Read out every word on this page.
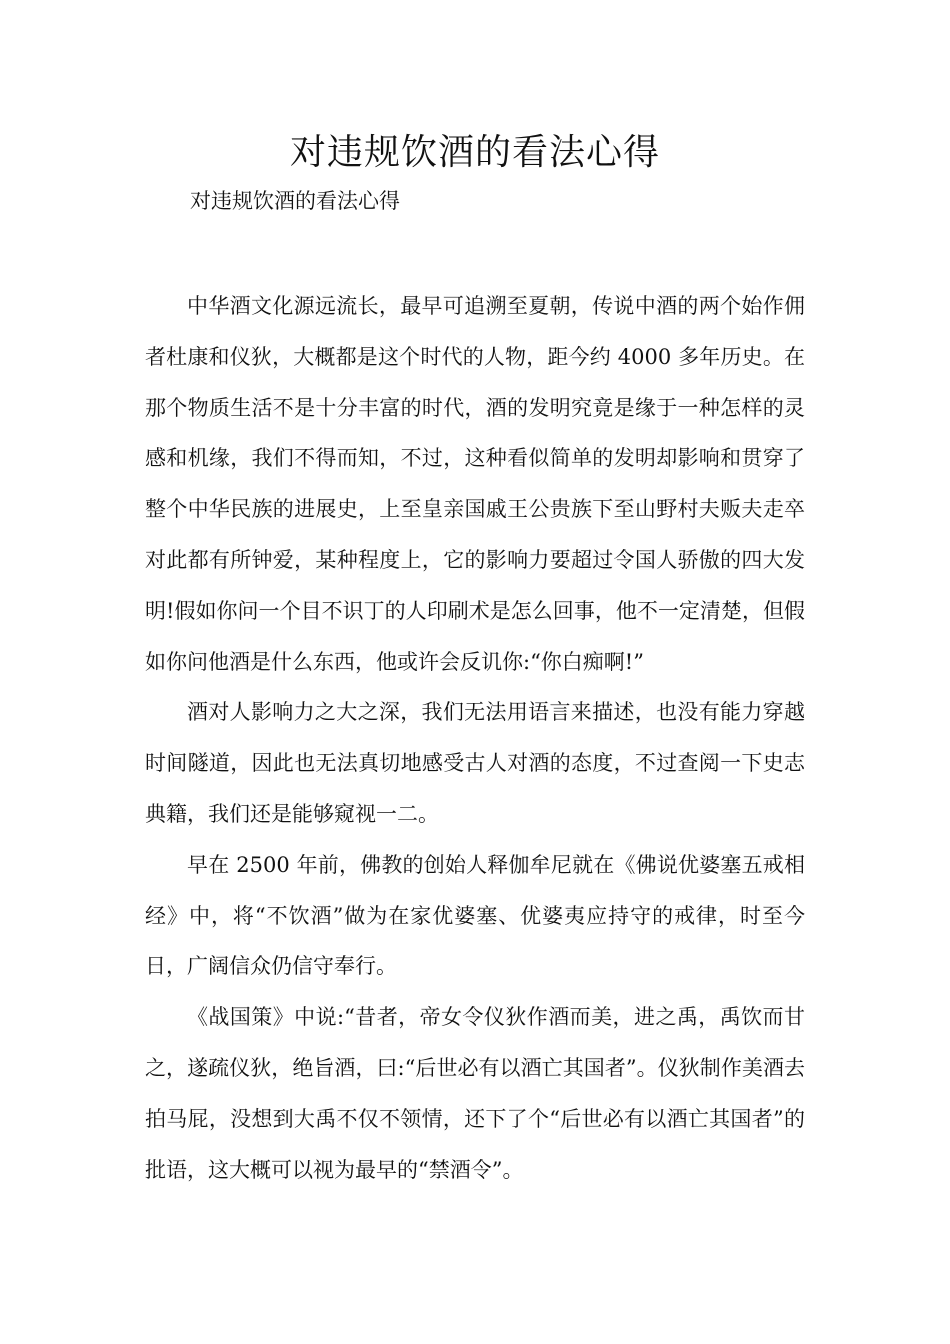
对违规饮酒的看法心得
对违规饮酒的看法心得

中华酒文化源远流长，最早可追溯至夏朝，传说中酒的两个始作佣者杜康和仪狄，大概都是这个时代的人物，距今约 4000 多年历史。在那个物质生活不是十分丰富的时代，酒的发明究竟是缘于一种怎样的灵感和机缘，我们不得而知，不过，这种看似简单的发明却影响和贯穿了整个中华民族的进展史，上至皇亲国戚王公贵族下至山野村夫贩夫走卒对此都有所钟爱，某种程度上，它的影响力要超过令国人骄傲的四大发明!假如你问一个目不识丁的人印刷术是怎么回事，他不一定清楚，但假如你问他酒是什么东西，他或许会反讥你:“你白痴啊!”

酒对人影响力之大之深，我们无法用语言来描述，也没有能力穿越时间隧道，因此也无法真切地感受古人对酒的态度，不过查阅一下史志典籍，我们还是能够窥视一二。

早在 2500 年前，佛教的创始人释伽牟尼就在《佛说优婆塞五戒相经》中，将“不饮酒”做为在家优婆塞、优婆夷应持守的戒律，时至今日，广阔信众仍信守奉行。

《战国策》中说:“昔者，帝女令仪狄作酒而美，进之禹，禹饮而甘之，遂疏仪狄，绝旨酒，曰:“后世必有以酒亡其国者”。仪狄制作美酒去拍马屁，没想到大禹不仅不领情，还下了个“后世必有以酒亡其国者”的批语，这大概可以视为最早的“禁酒令”。
